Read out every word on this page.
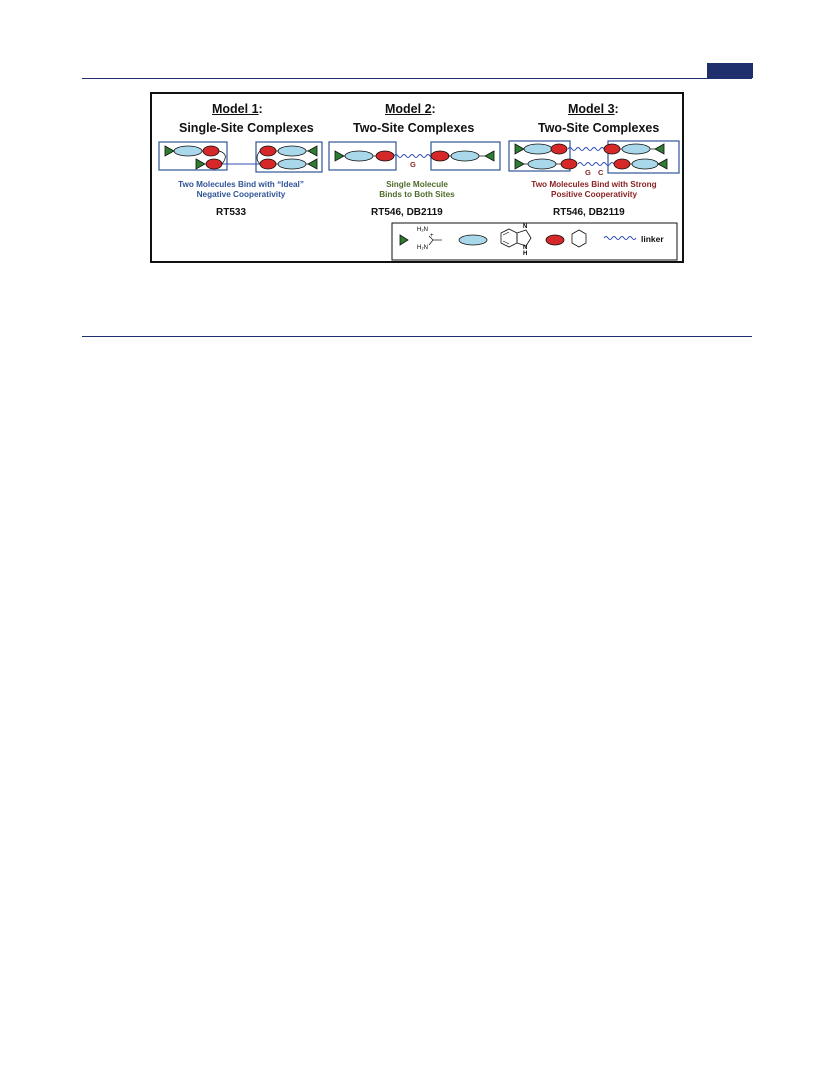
Model 1:
Single-Site Complexes
Model 2:
Two-Site Complexes
Model 3:
Two-Site Complexes
Two Molecules Bind with “Ideal”
Negative Cooperativity
RT533
Single Molecule
Binds to Both Sites
RT546, DB2119
G
Two Molecules Bind with Strong
Positive Cooperativity
RT546, DB2119
G C
H₂N
+
H₂N
N
N
H
linker
